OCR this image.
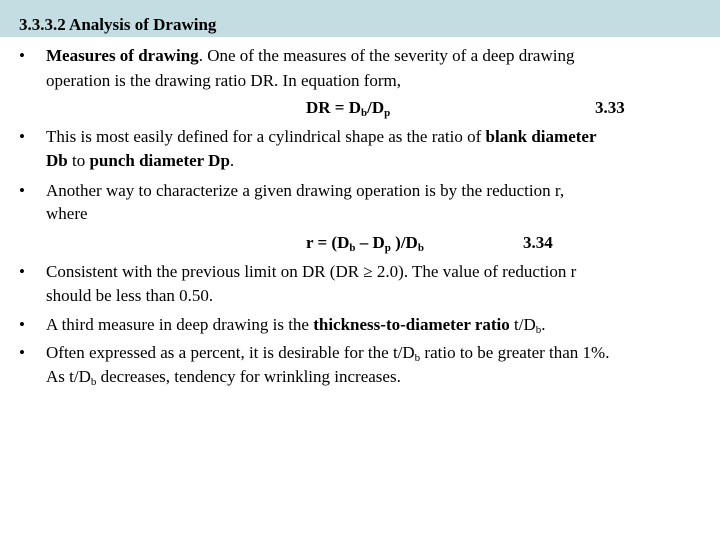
3.3.3.2 Analysis of Drawing
• Measures of drawing. One of the measures of the severity of a deep drawing
operation is the drawing ratio DR. In equation form,
DR = $D_b/D_p$	3.33
• This is most easily defined for a cylindrical shape as the ratio of blank diameter
Db to punch diameter Dp.
• Another way to characterize a given drawing operation is by the reduction r,
where
$r = (D_b - D_p$ )$/D_b$	3.34
• Consistent with the previous limit on DR (DR ≥ 2.0). The value of reduction r
should be less than 0.50.
• A third measure in deep drawing is the thickness-to-diameter ratio $t/D_b$.
• Often expressed as a percent, it is desirable for the $t/D_b$ ratio to be greater than 1%.
As $t/D_b$ decreases, tendency for wrinkling increases.
